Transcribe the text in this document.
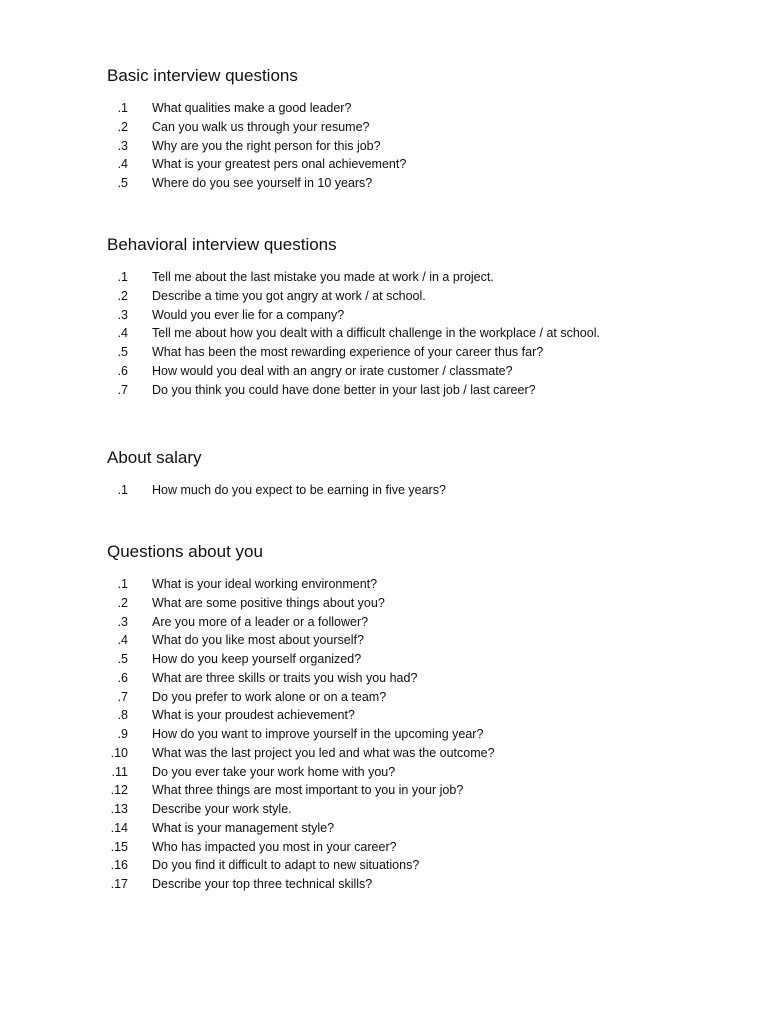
Basic interview questions
1. What qualities make a good leader?
2. Can you walk us through your resume?
3. Why are you the right person for this job?
4. What is your greatest pers onal achievement?
5. Where do you see yourself in 10 years?
Behavioral interview questions
1. Tell me about the last mistake you made at work / in a project.
2. Describe a time you got angry at work / at school.
3. Would you ever lie for a company?
4. Tell me about how you dealt with a difficult challenge in the workplace / at school.
5. What has been the most rewarding experience of your career thus far?
6. How would you deal with an angry or irate customer / classmate?
7. Do you think you could have done better in your last job / last career?
About salary
1. How much do you expect to be earning in five years?
Questions about you
1. What is your ideal working environment?
2. What are some positive things about you?
3. Are you more of a leader or a follower?
4. What do you like most about yourself?
5. How do you keep yourself organized?
6. What are three skills or traits you wish you had?
7. Do you prefer to work alone or on a team?
8. What is your proudest achievement?
9. How do you want to improve yourself in the upcoming year?
10. What was the last project you led and what was the outcome?
11. Do you ever take your work home with you?
12. What three things are most important to you in your job?
13. Describe your work style.
14. What is your management style?
15. Who has impacted you most in your career?
16. Do you find it difficult to adapt to new situations?
17. Describe your top three technical skills?
